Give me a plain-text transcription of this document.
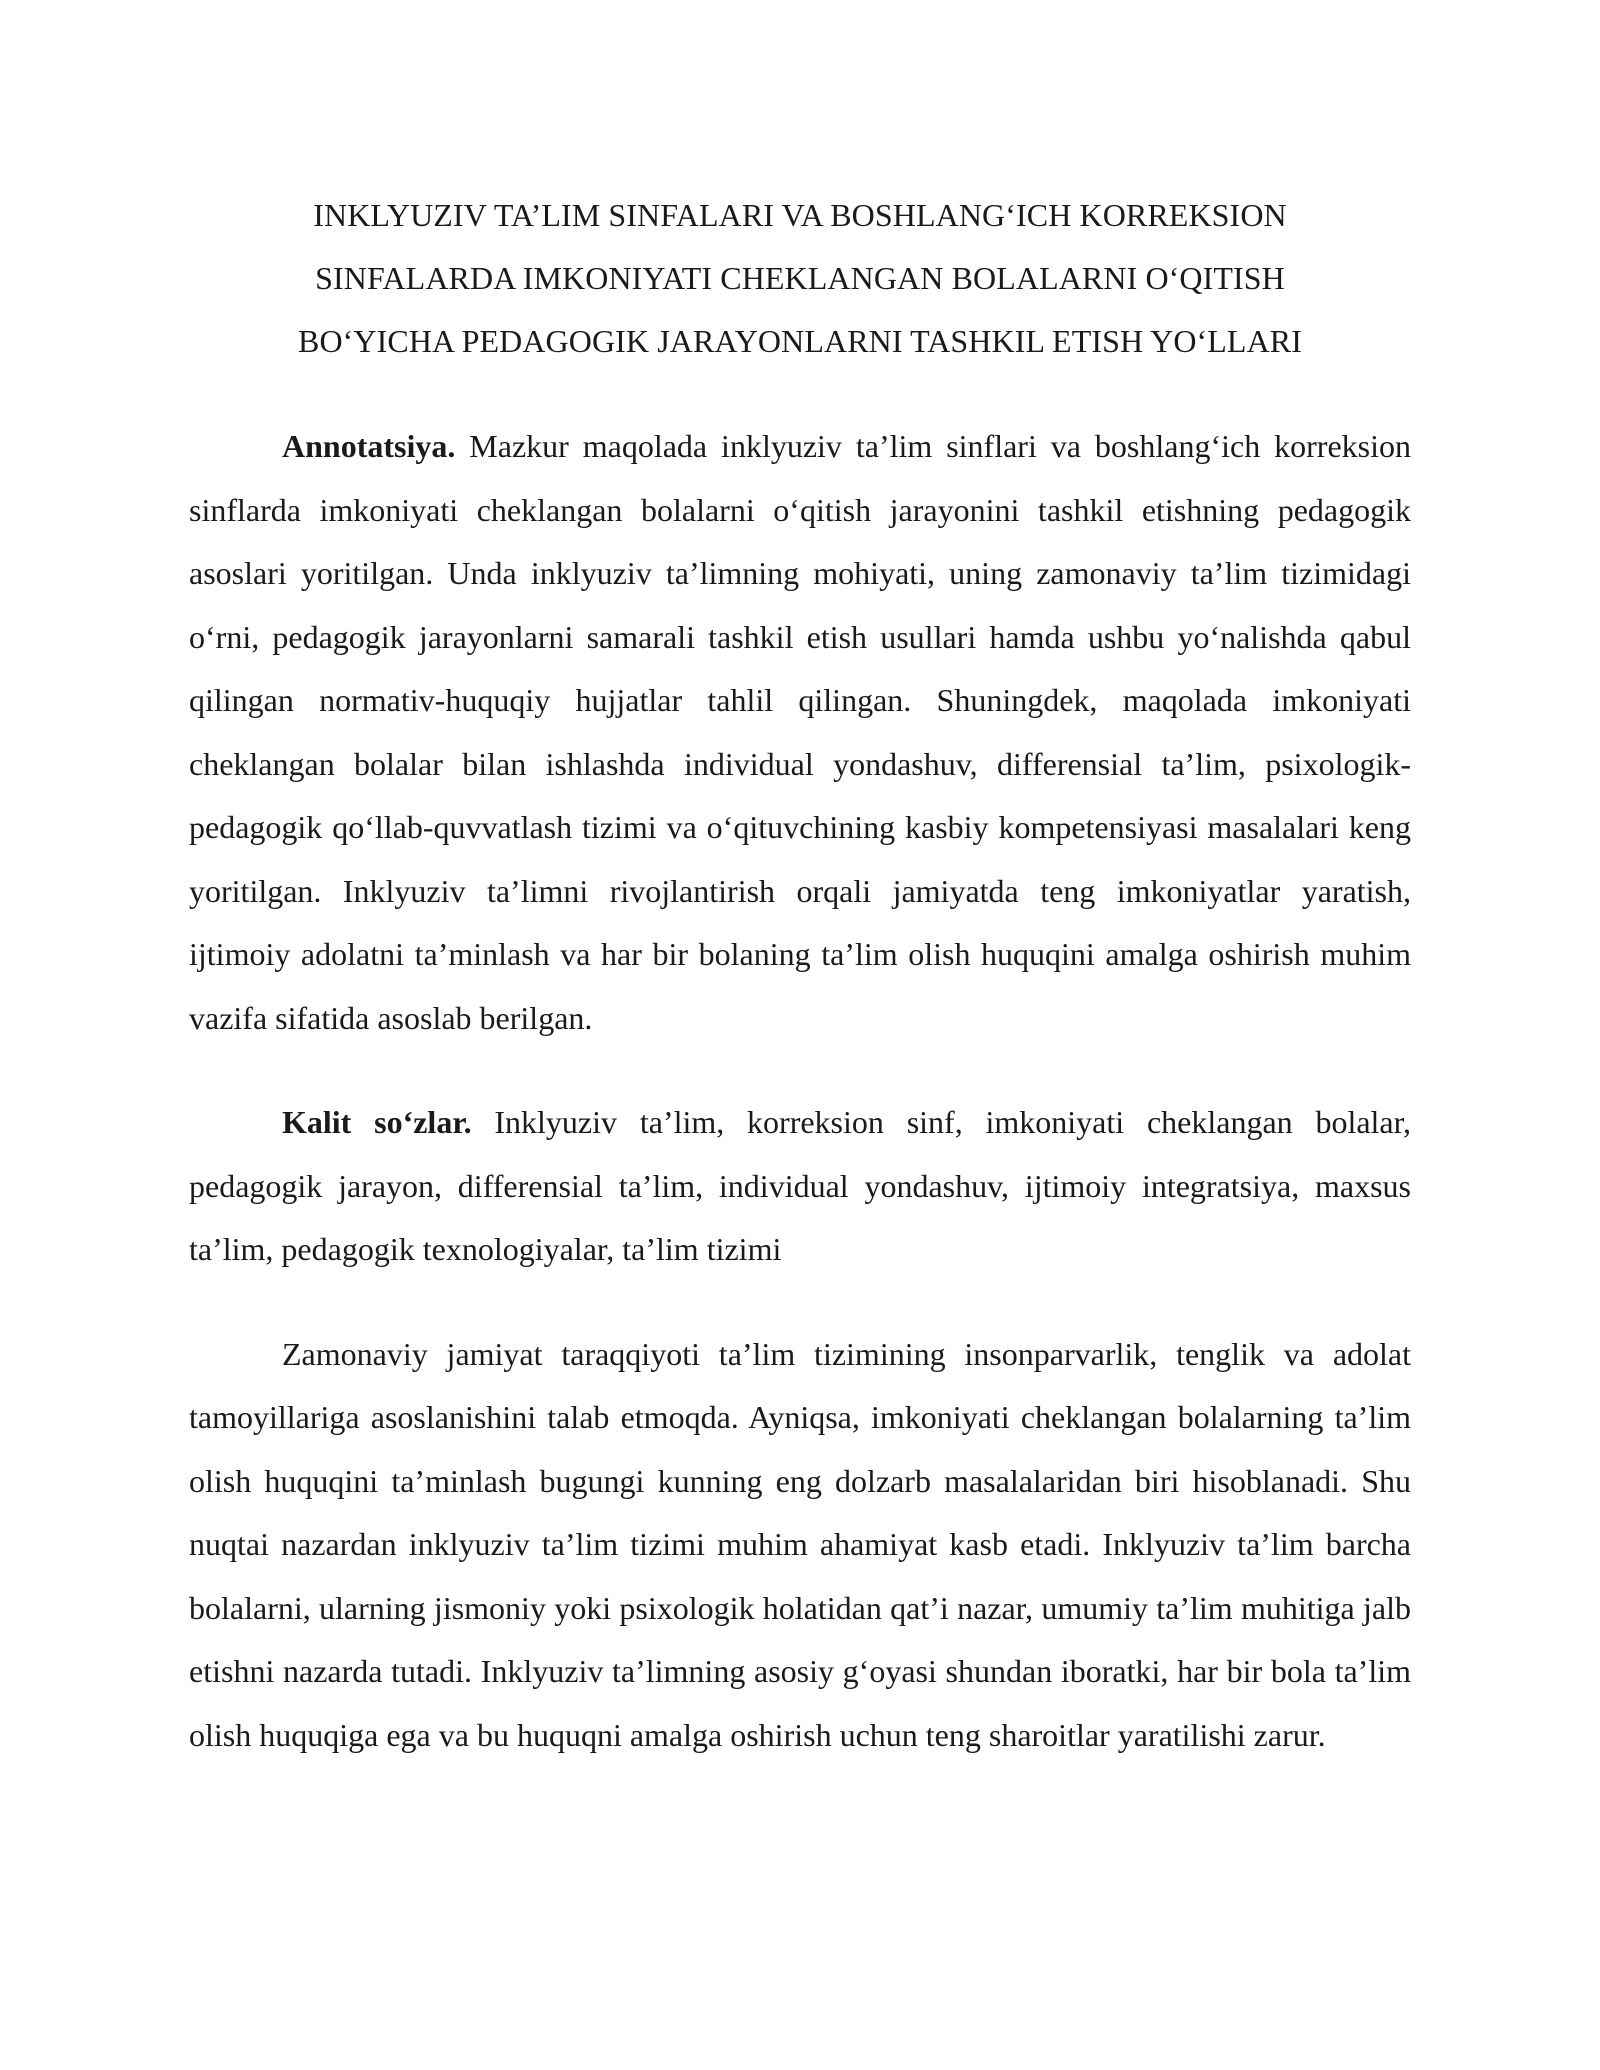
INKLYUZIV TA’LIM SINFALARI VA BOSHLANG‘ICH KORREKSION
SINFALARDA IMKONIYATI CHEKLANGAN BOLALARNI O‘QITISH
BO‘YICHA PEDAGOGIK JARAYONLARNI TASHKIL ETISH YO‘LLARI

Annotatsiya. Mazkur maqolada inklyuziv ta’lim sinflari va boshlang‘ich korreksion sinflarda imkoniyati cheklangan bolalarni o‘qitish jarayonini tashkil etishning pedagogik asoslari yoritilgan. Unda inklyuziv ta’limning mohiyati, uning zamonaviy ta’lim tizimidagi o‘rni, pedagogik jarayonlarni samarali tashkil etish usullari hamda ushbu yo‘nalishda qabul qilingan normativ-huquqiy hujjatlar tahlil qilingan. Shuningdek, maqolada imkoniyati cheklangan bolalar bilan ishlashda individual yondashuv, differensial ta’lim, psixologik-pedagogik qo‘llab-quvvatlash tizimi va o‘qituvchining kasbiy kompetensiyasi masalalari keng yoritilgan. Inklyuziv ta’limni rivojlantirish orqali jamiyatda teng imkoniyatlar yaratish, ijtimoiy adolatni ta’minlash va har bir bolaning ta’lim olish huquqini amalga oshirish muhim vazifa sifatida asoslab berilgan.

Kalit so‘zlar. Inklyuziv ta’lim, korreksion sinf, imkoniyati cheklangan bolalar, pedagogik jarayon, differensial ta’lim, individual yondashuv, ijtimoiy integratsiya, maxsus ta’lim, pedagogik texnologiyalar, ta’lim tizimi

Zamonaviy jamiyat taraqqiyoti ta’lim tizimining insonparvarlik, tenglik va adolat tamoyillariga asoslanishini talab etmoqda. Ayniqsa, imkoniyati cheklangan bolalarning ta’lim olish huquqini ta’minlash bugungi kunning eng dolzarb masalalaridan biri hisoblanadi. Shu nuqtai nazardan inklyuziv ta’lim tizimi muhim ahamiyat kasb etadi. Inklyuziv ta’lim barcha bolalarni, ularning jismoniy yoki psixologik holatidan qat’i nazar, umumiy ta’lim muhitiga jalb etishni nazarda tutadi. Inklyuziv ta’limning asosiy g‘oyasi shundan iboratki, har bir bola ta’lim olish huquqiga ega va bu huquqni amalga oshirish uchun teng sharoitlar yaratilishi zarur.
